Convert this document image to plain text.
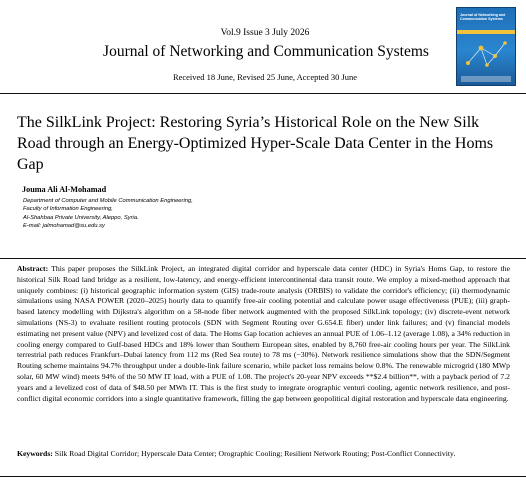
Vol.9 Issue 3 July 2026
Journal of Networking and Communication Systems
Received 18 June, Revised 25 June, Accepted 30 June
Journal of Networking and Communication Systems
The SilkLink Project: Restoring Syria’s Historical Role on the New Silk Road through an Energy-Optimized Hyper-Scale Data Center in the Homs Gap
Jouma Ali Al-Mohamad
Department of Computer and Mobile Communication Engineering,
Faculty of Information Engineering,
Al-Shahbaa Private University, Aleppo, Syria.
E-mail: jalmohamad@su.edu.sy

Abstract: This paper proposes the SilkLink Project, an integrated digital corridor and hyperscale data center (HDC) in Syria's Homs Gap, to restore the historical Silk Road land bridge as a resilient, low-latency, and energy-efficient intercontinental data transit route. We employ a mixed-method approach that uniquely combines: (i) historical geographic information system (GIS) trade-route analysis (ORBIS) to validate the corridor's efficiency; (ii) thermodynamic simulations using NASA POWER (2020–2025) hourly data to quantify free-air cooling potential and calculate power usage effectiveness (PUE); (iii) graph-based latency modelling with Dijkstra's algorithm on a 58-node fiber network augmented with the proposed SilkLink topology; (iv) discrete-event network simulations (NS-3) to evaluate resilient routing protocols (SDN with Segment Routing over G.654.E fiber) under link failures; and (v) financial models estimating net present value (NPV) and levelized cost of data. The Homs Gap location achieves an annual PUE of 1.06–1.12 (average 1.08), a 34% reduction in cooling energy compared to Gulf-based HDCs and 18% lower than Southern European sites, enabled by 8,760 free-air cooling hours per year. The SilkLink terrestrial path reduces Frankfurt–Dubai latency from 112 ms (Red Sea route) to 78 ms (−30%). Network resilience simulations show that the SDN/Segment Routing scheme maintains 94.7% throughput under a double-link failure scenario, while packet loss remains below 0.8%. The renewable microgrid (180 MWp solar, 60 MW wind) meets 94% of the 50 MW IT load, with a PUE of 1.08. The project's 20-year NPV exceeds **$2.4 billion**, with a payback period of 7.2 years and a levelized cost of data of $48.50 per MWh IT. This is the first study to integrate orographic venturi cooling, agentic network resilience, and post-conflict digital economic corridors into a single quantitative framework, filling the gap between geopolitical digital restoration and hyperscale data engineering.

Keywords: Silk Road Digital Corridor; Hyperscale Data Center; Orographic Cooling; Resilient Network Routing; Post-Conflict Connectivity.
